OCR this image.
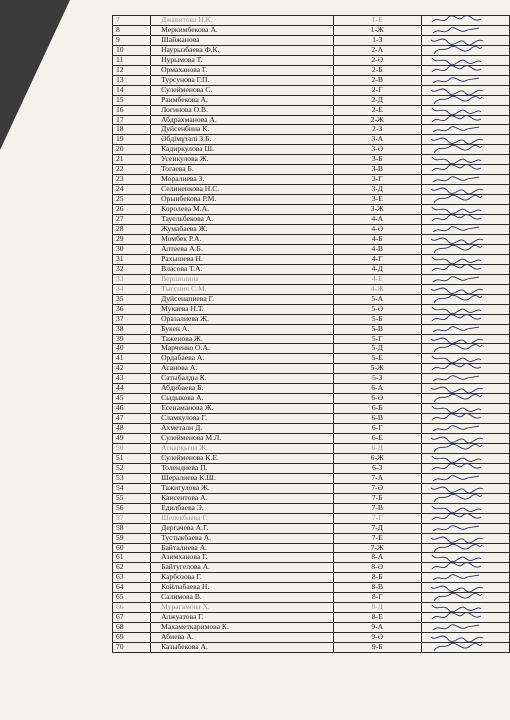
7	Джавитова Н.К.	1-Е	

8	Меркимбекова А.	1-Ж	

9	Шайжанова	1-З	

10	Наурызбаева Ф.К.	2-А	

11	Нурымова Т.	2-Ә	

12	Ормаханова Г.	2-Б	

13	Турсунова Г.П.	2-В	

14	Сулейменова С.	2-Г	

15	Раимбекова А.	2-Д	

16	Логинова О.В.	2-Е	

17	Абдрахманова А.	2-Ж	

18	Дуйсенбина К.	2-З	

19	Әбдімұтәлі З.Б.	3-А	

20	Кадиркулова Ш.	3-Ә	

21	Усенкулова Ж.	3-Б	

22	Тогаева Б.	3-В	

23	Моралиева З.	3-Г	

24	Селиненкова Н.С.	3-Д	

25	Орынбекова Р.М.	3-Е	

26	Королева М.А.	3-Ж	

27	Тауельбекова А.	4-А	

28	Жумабаева Ж.	4-Ә	

29	Момбек Р.А.	4-Б	

30	Алтеева А.Б.	4-В	

31	Рахышева Н.	4-Г	

32	Власова Т.А.	4-Д	

33	Вершинина	4-Е	

34	Тысснич С.М.	4-Ж	

35	Дуйсенапиева Г.	5-А	

36	Мукаева Н.Т.	5-Ә	

37	Оразалиева Ж.	5-Б	

38	Букен А.	5-В	

39	Таженова Ж.	5-Г	

40	Марченко О.А.	5-Д	

41	Ордабаева А.	5-Е	

42	Асанова А.	5-Ж	

43	Сатыбалды К.	5-З	

44	Абдибаева Б.	6-А	

45	Сыдыкова А.	6-Ә	

46	Есенаманова Ж.	6-Б	

47	Сламкулова Г.	6-В	

48	Ахметали Д.	6-Г	

49	Сулейменова М.Л.	6-Е	

50	Аскарқызы Ж.	6-Д	

51	Сулейменова К.Е.	6-Ж	

52	Толендиева П.	6-З	

53	Шералиева К.Ш.	7-А	

54	Тажигулова Ж.	7-Ә	

55	Кансеитова А.	7-Б	

56	Едилбаева Э.	7-В	

57	Шепекбаева Г.	7-Г	

58	Дергачева А.Г.	7-Д	

59	Тустыкбаева А.	7-Е	

60	Байталиева А.	7-Ж	

61	Азимханова Г.	8-А	

62	Байтугелова А.	8-Ә	

63	Карбозова Г.	8-Б	

64	Койлыбаева Н.	8-В	

65	Салимова В.	8-Г	

66	Мурагамова Х.	8-Д	

67	Алжуатова Г.	8-Е	

68	Махаметкаримова К.	9-А	

69	Абиева А.	9-Ә	

70	Казыбекова А.	9-Б	
